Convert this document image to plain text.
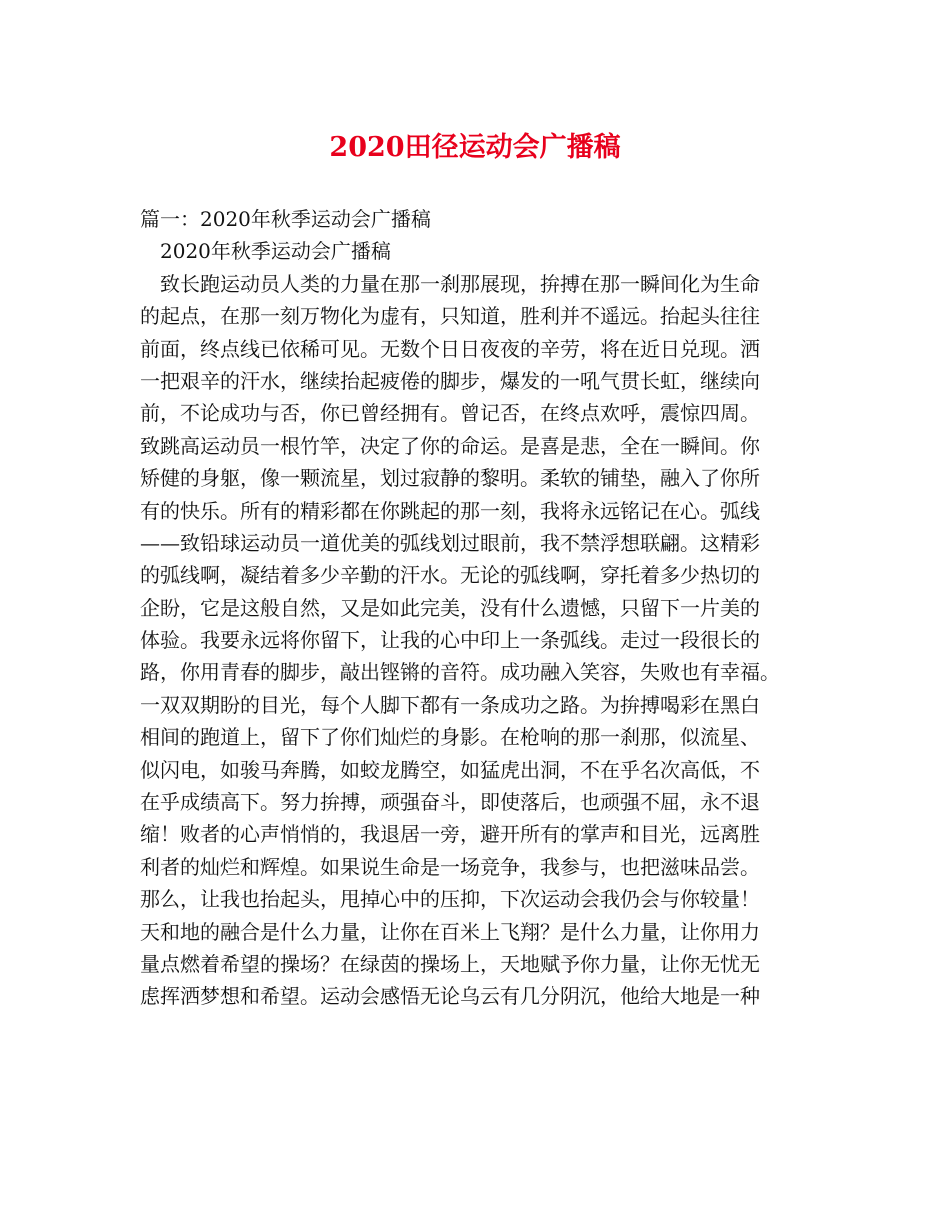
2020田径运动会广播稿
篇一：2020年秋季运动会广播稿
2020年秋季运动会广播稿
致长跑运动员人类的力量在那一刹那展现，拚搏在那一瞬间化为生命
的起点，在那一刻万物化为虚有，只知道，胜利并不遥远。抬起头往往
前面，终点线已依稀可见。无数个日日夜夜的辛劳，将在近日兑现。洒
一把艰辛的汗水，继续抬起疲倦的脚步，爆发的一吼气贯长虹，继续向
前，不论成功与否，你已曾经拥有。曾记否，在终点欢呼，震惊四周。
致跳高运动员一根竹竿，决定了你的命运。是喜是悲，全在一瞬间。你
矫健的身躯，像一颗流星，划过寂静的黎明。柔软的铺垫，融入了你所
有的快乐。所有的精彩都在你跳起的那一刻，我将永远铭记在心。弧线
——致铅球运动员一道优美的弧线划过眼前，我不禁浮想联翩。这精彩
的弧线啊，凝结着多少辛勤的汗水。无论的弧线啊，穿托着多少热切的
企盼，它是这般自然，又是如此完美，没有什么遗憾，只留下一片美的
体验。我要永远将你留下，让我的心中印上一条弧线。走过一段很长的
路，你用青春的脚步，敲出铿锵的音符。成功融入笑容，失败也有幸福。
一双双期盼的目光，每个人脚下都有一条成功之路。为拚搏喝彩在黑白
相间的跑道上，留下了你们灿烂的身影。在枪响的那一刹那，似流星、
似闪电，如骏马奔腾，如蛟龙腾空，如猛虎出洞，不在乎名次高低，不
在乎成绩高下。努力拚搏，顽强奋斗，即使落后，也顽强不屈，永不退
缩！败者的心声悄悄的，我退居一旁，避开所有的掌声和目光，远离胜
利者的灿烂和辉煌。如果说生命是一场竞争，我参与，也把滋味品尝。
那么，让我也抬起头，甩掉心中的压抑，下次运动会我仍会与你较量！
天和地的融合是什么力量，让你在百米上飞翔？是什么力量，让你用力
量点燃着希望的操场？在绿茵的操场上，天地赋予你力量，让你无忧无
虑挥洒梦想和希望。运动会感悟无论乌云有几分阴沉，他给大地是一种
